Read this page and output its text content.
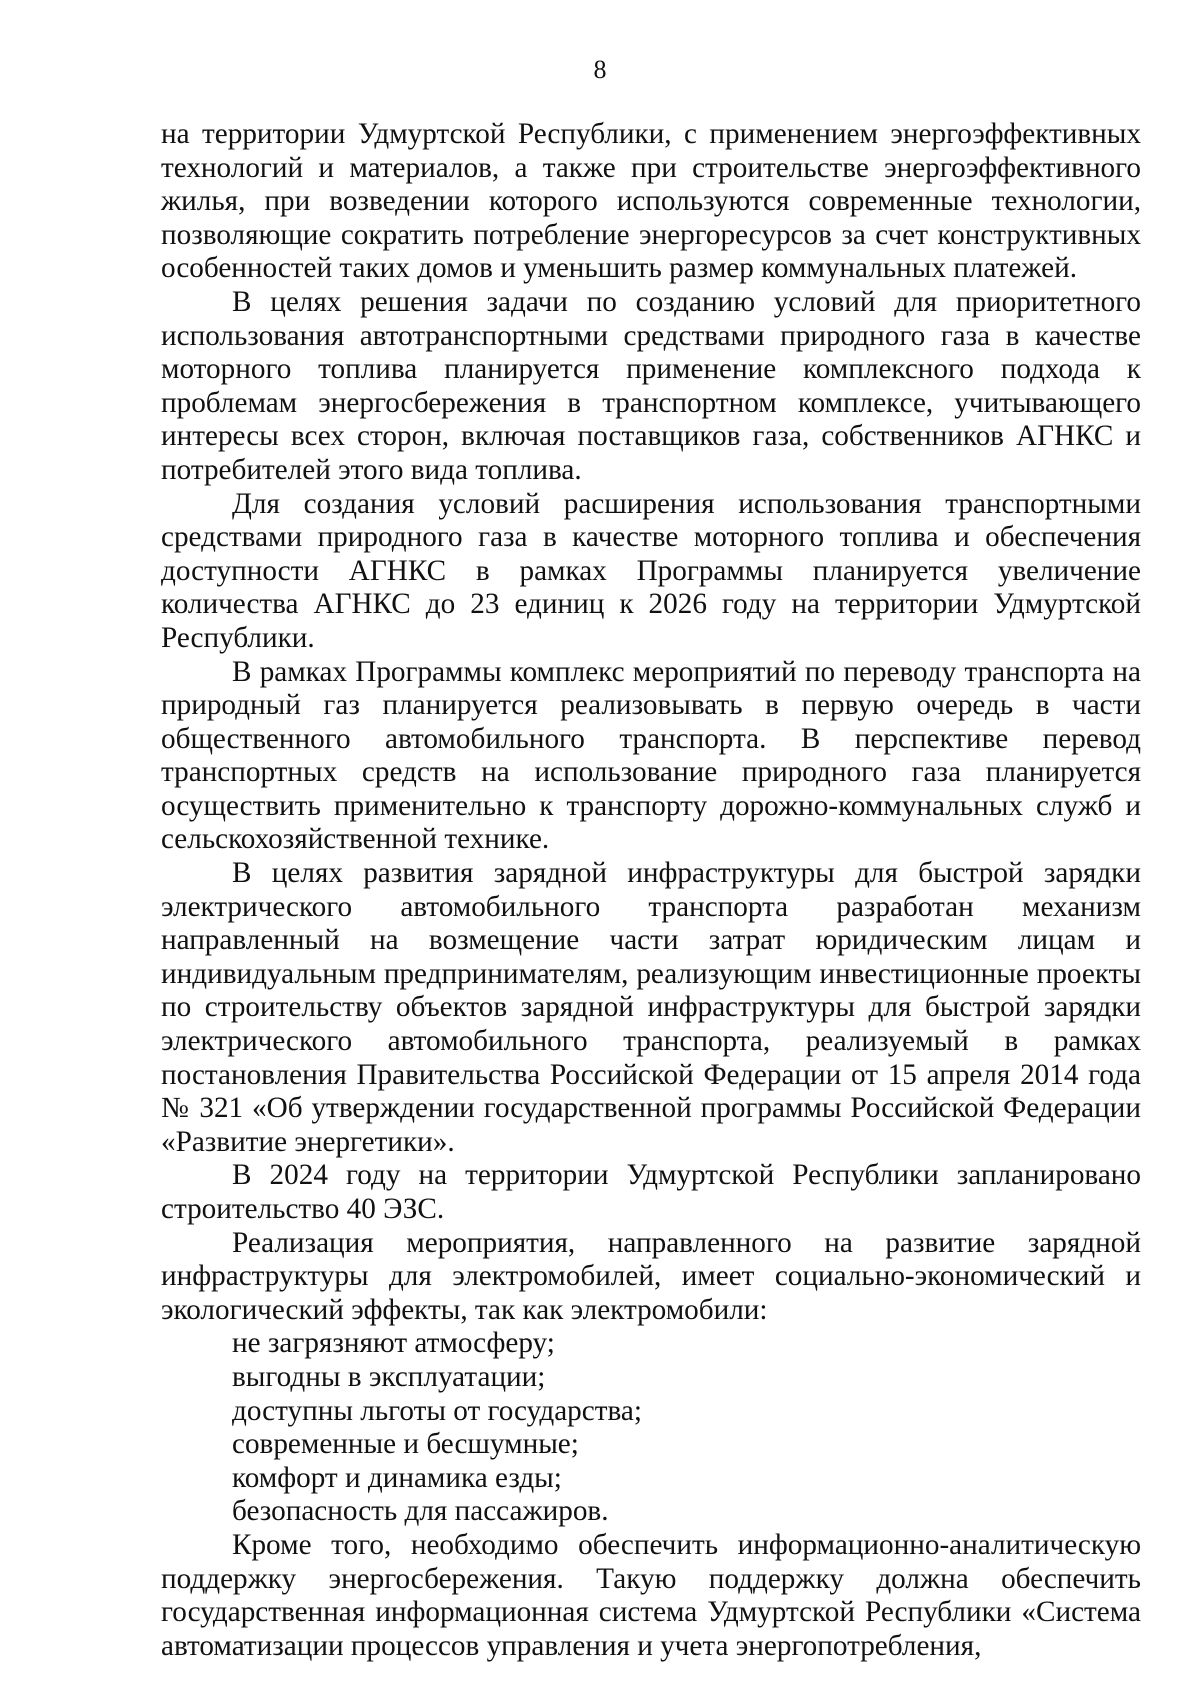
8

на территории Удмуртской Республики, с применением энергоэффективных технологий и материалов, а также при строительстве энергоэффективного жилья, при возведении которого используются современные технологии, позволяющие сократить потребление энергоресурсов за счет конструктивных особенностей таких домов и уменьшить размер коммунальных платежей.

В целях решения задачи по созданию условий для приоритетного использования автотранспортными средствами природного газа в качестве моторного топлива планируется применение комплексного подхода к проблемам энергосбережения в транспортном комплексе, учитывающего интересы всех сторон, включая поставщиков газа, собственников АГНКС и потребителей этого вида топлива.

Для создания условий расширения использования транспортными средствами природного газа в качестве моторного топлива и обеспечения доступности АГНКС в рамках Программы планируется увеличение количества АГНКС до 23 единиц к 2026 году на территории Удмуртской Республики.

В рамках Программы комплекс мероприятий по переводу транспорта на природный газ планируется реализовывать в первую очередь в части общественного автомобильного транспорта. В перспективе перевод транспортных средств на использование природного газа планируется осуществить применительно к транспорту дорожно-коммунальных служб и сельскохозяйственной технике.

В целях развития зарядной инфраструктуры для быстрой зарядки электрического автомобильного транспорта разработан механизм направленный на возмещение части затрат юридическим лицам и индивидуальным предпринимателям, реализующим инвестиционные проекты по строительству объектов зарядной инфраструктуры для быстрой зарядки электрического автомобильного транспорта, реализуемый в рамках постановления Правительства Российской Федерации от 15 апреля 2014 года № 321 «Об утверждении государственной программы Российской Федерации «Развитие энергетики».

В 2024 году на территории Удмуртской Республики запланировано строительство 40 ЭЗС.

Реализация мероприятия, направленного на развитие зарядной инфраструктуры для электромобилей, имеет социально-экономический и экологический эффекты, так как электромобили:

не загрязняют атмосферу;
выгодны в эксплуатации;
доступны льготы от государства;
современные и бесшумные;
комфорт и динамика езды;
безопасность для пассажиров.

Кроме того, необходимо обеспечить информационно-аналитическую поддержку энергосбережения. Такую поддержку должна обеспечить государственная информационная система Удмуртской Республики «Система автоматизации процессов управления и учета энергопотребления,
